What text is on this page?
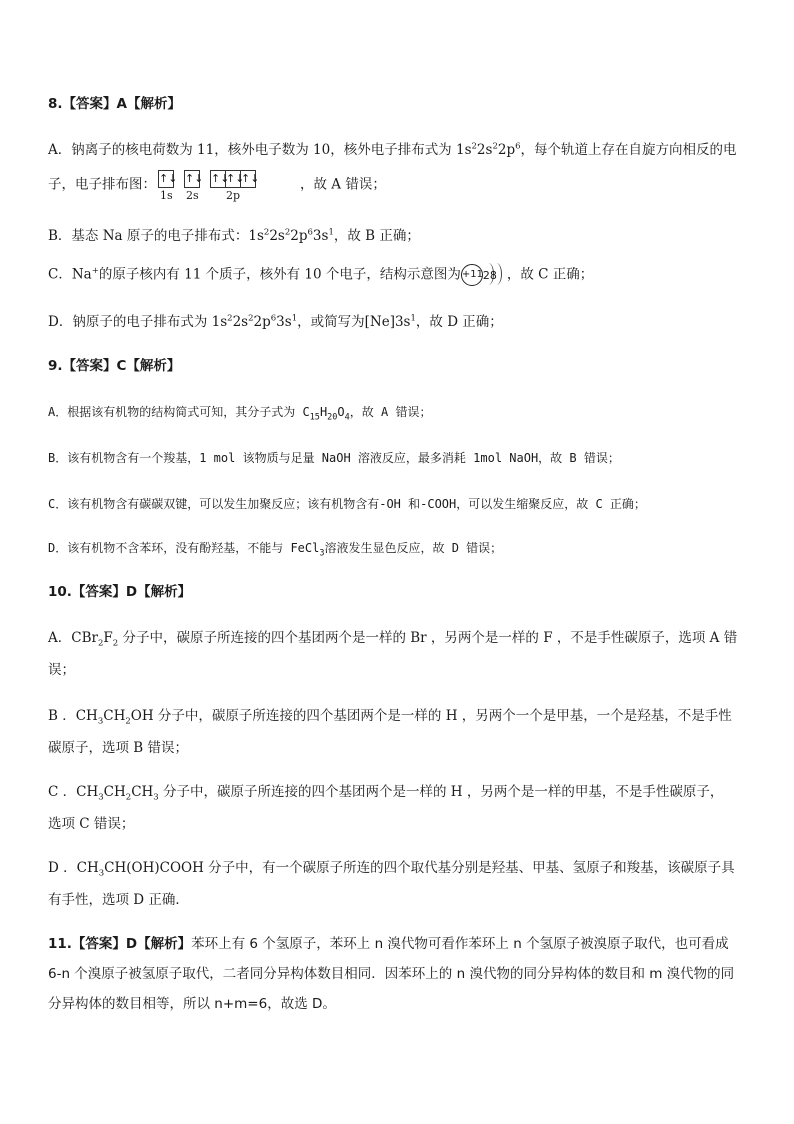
8.【答案】A【解析】
A．钠离子的核电荷数为 11，核外电子数为 10，核外电子排布式为 $1s^22s^22p^6$，每个轨道上存在自旋方向相反的电
子，电子排布图： ↑↓ ↑↓ ↑↓
↑↓
↑↓
1s 2s 2p
，故 A 错误；
B．基态 Na 原子的电子排布式：$1s^22s^22p^63s^1$，故 B 正确；
C．Na+的原子核内有 11 个质子，核外有 10 个电子，结构示意图为 +11 28 ，故 C 正确；
D．钠原子的电子排布式为 $1s^22s^22p^63s^1$，或简写为$[Ne]3s^1$，故 D 正确；
9.【答案】C【解析】
A．根据该有机物的结构简式可知，其分子式为 $C_{15}H_{20}O_4$，故 A 错误；
B．该有机物含有一个羧基，1 mol 该物质与足量 NaOH 溶液反应，最多消耗 1mol NaOH，故 B 错误；
C．该有机物含有碳碳双键，可以发生加聚反应；该有机物含有-OH 和-COOH，可以发生缩聚反应，故 C 正确；
D．该有机物不含苯环，没有酚羟基，不能与 FeCl$_3$溶液发生显色反应，故 D 错误；
10.【答案】D【解析】
A．$CBr_2F_2$ 分子中，碳原子所连接的四个基团两个是一样的 Br ，另两个是一样的 F ，不是手性碳原子，选项 A 错
误；
B ．$CH_3CH_2OH$ 分子中，碳原子所连接的四个基团两个是一样的 H ，另两个一个是甲基，一个是羟基，不是手性
碳原子，选项 B 错误；
C ．$CH_3CH_2CH_3$ 分子中，碳原子所连接的四个基团两个是一样的 H ，另两个是一样的甲基，不是手性碳原子，
选项 C 错误；
D ．$CH_3CH(OH)COOH$ 分子中，有一个碳原子所连的四个取代基分别是羟基、甲基、氢原子和羧基，该碳原子具
有手性，选项 D 正确．
11.【答案】D【解析】苯环上有 6 个氢原子，苯环上 n 溴代物可看作苯环上 n 个氢原子被溴原子取代，也可看成
6-n 个溴原子被氢原子取代，二者同分异构体数目相同．因苯环上的 n 溴代物的同分异构体的数目和 m 溴代物的同
分异构体的数目相等，所以 n+m=6，故选 D。
